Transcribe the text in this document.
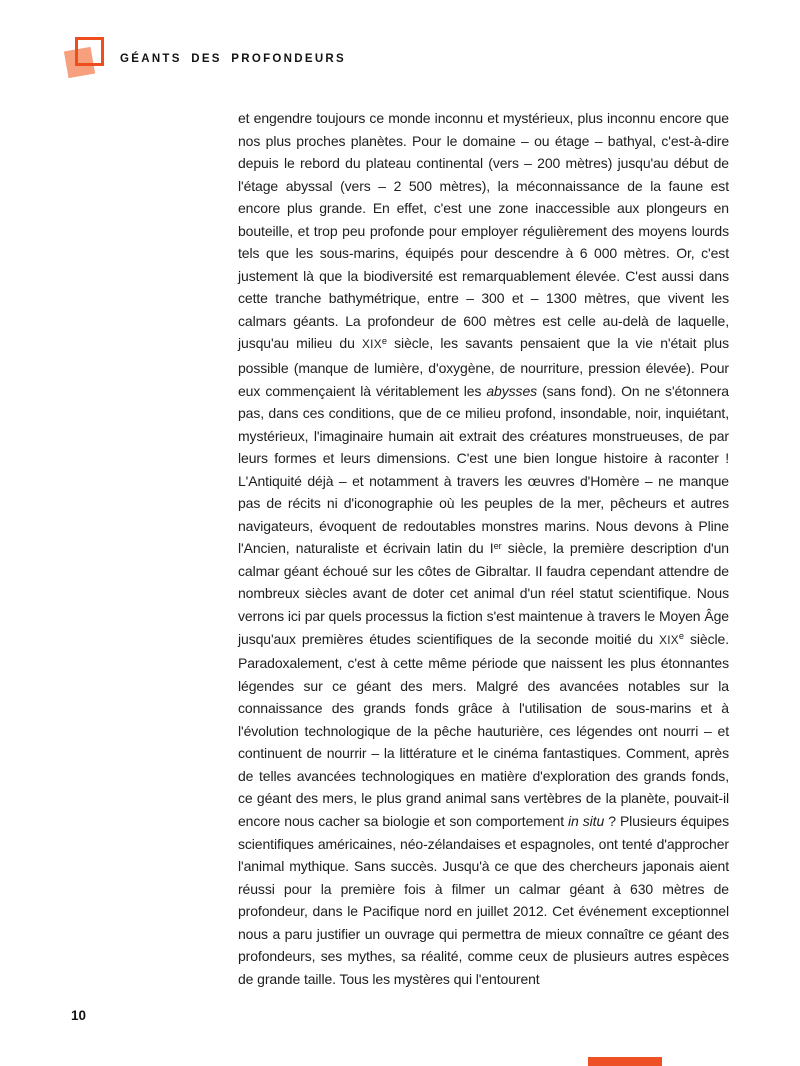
GÉANTS DES PROFONDEURS

et engendre toujours ce monde inconnu et mystérieux, plus inconnu encore que nos plus proches planètes. Pour le domaine – ou étage – bathyal, c'est-à-dire depuis le rebord du plateau continental (vers – 200 mètres) jusqu'au début de l'étage abyssal (vers – 2 500 mètres), la méconnaissance de la faune est encore plus grande. En effet, c'est une zone inaccessible aux plongeurs en bouteille, et trop peu profonde pour employer régulièrement des moyens lourds tels que les sous-marins, équipés pour descendre à 6 000 mètres. Or, c'est justement là que la biodiversité est remarquablement élevée. C'est aussi dans cette tranche bathymétrique, entre – 300 et – 1300 mètres, que vivent les calmars géants. La profondeur de 600 mètres est celle au-delà de laquelle, jusqu'au milieu du XIXe siècle, les savants pensaient que la vie n'était plus possible (manque de lumière, d'oxygène, de nourriture, pression élevée). Pour eux commençaient là véritablement les abysses (sans fond). On ne s'étonnera pas, dans ces conditions, que de ce milieu profond, insondable, noir, inquiétant, mystérieux, l'imaginaire humain ait extrait des créatures monstrueuses, de par leurs formes et leurs dimensions. C'est une bien longue histoire à raconter ! L'Antiquité déjà – et notamment à travers les œuvres d'Homère – ne manque pas de récits ni d'iconographie où les peuples de la mer, pêcheurs et autres navigateurs, évoquent de redoutables monstres marins. Nous devons à Pline l'Ancien, naturaliste et écrivain latin du Ier siècle, la première description d'un calmar géant échoué sur les côtes de Gibraltar. Il faudra cependant attendre de nombreux siècles avant de doter cet animal d'un réel statut scientifique. Nous verrons ici par quels processus la fiction s'est maintenue à travers le Moyen Âge jusqu'aux premières études scientifiques de la seconde moitié du XIXe siècle. Paradoxalement, c'est à cette même période que naissent les plus étonnantes légendes sur ce géant des mers. Malgré des avancées notables sur la connaissance des grands fonds grâce à l'utilisation de sous-marins et à l'évolution technologique de la pêche hauturière, ces légendes ont nourri – et continuent de nourrir – la littérature et le cinéma fantastiques. Comment, après de telles avancées technologiques en matière d'exploration des grands fonds, ce géant des mers, le plus grand animal sans vertèbres de la planète, pouvait-il encore nous cacher sa biologie et son comportement in situ ? Plusieurs équipes scientifiques américaines, néo-zélandaises et espagnoles, ont tenté d'approcher l'animal mythique. Sans succès. Jusqu'à ce que des chercheurs japonais aient réussi pour la première fois à filmer un calmar géant à 630 mètres de profondeur, dans le Pacifique nord en juillet 2012. Cet événement exceptionnel nous a paru justifier un ouvrage qui permettra de mieux connaître ce géant des profondeurs, ses mythes, sa réalité, comme ceux de plusieurs autres espèces de grande taille. Tous les mystères qui l'entourent

10
